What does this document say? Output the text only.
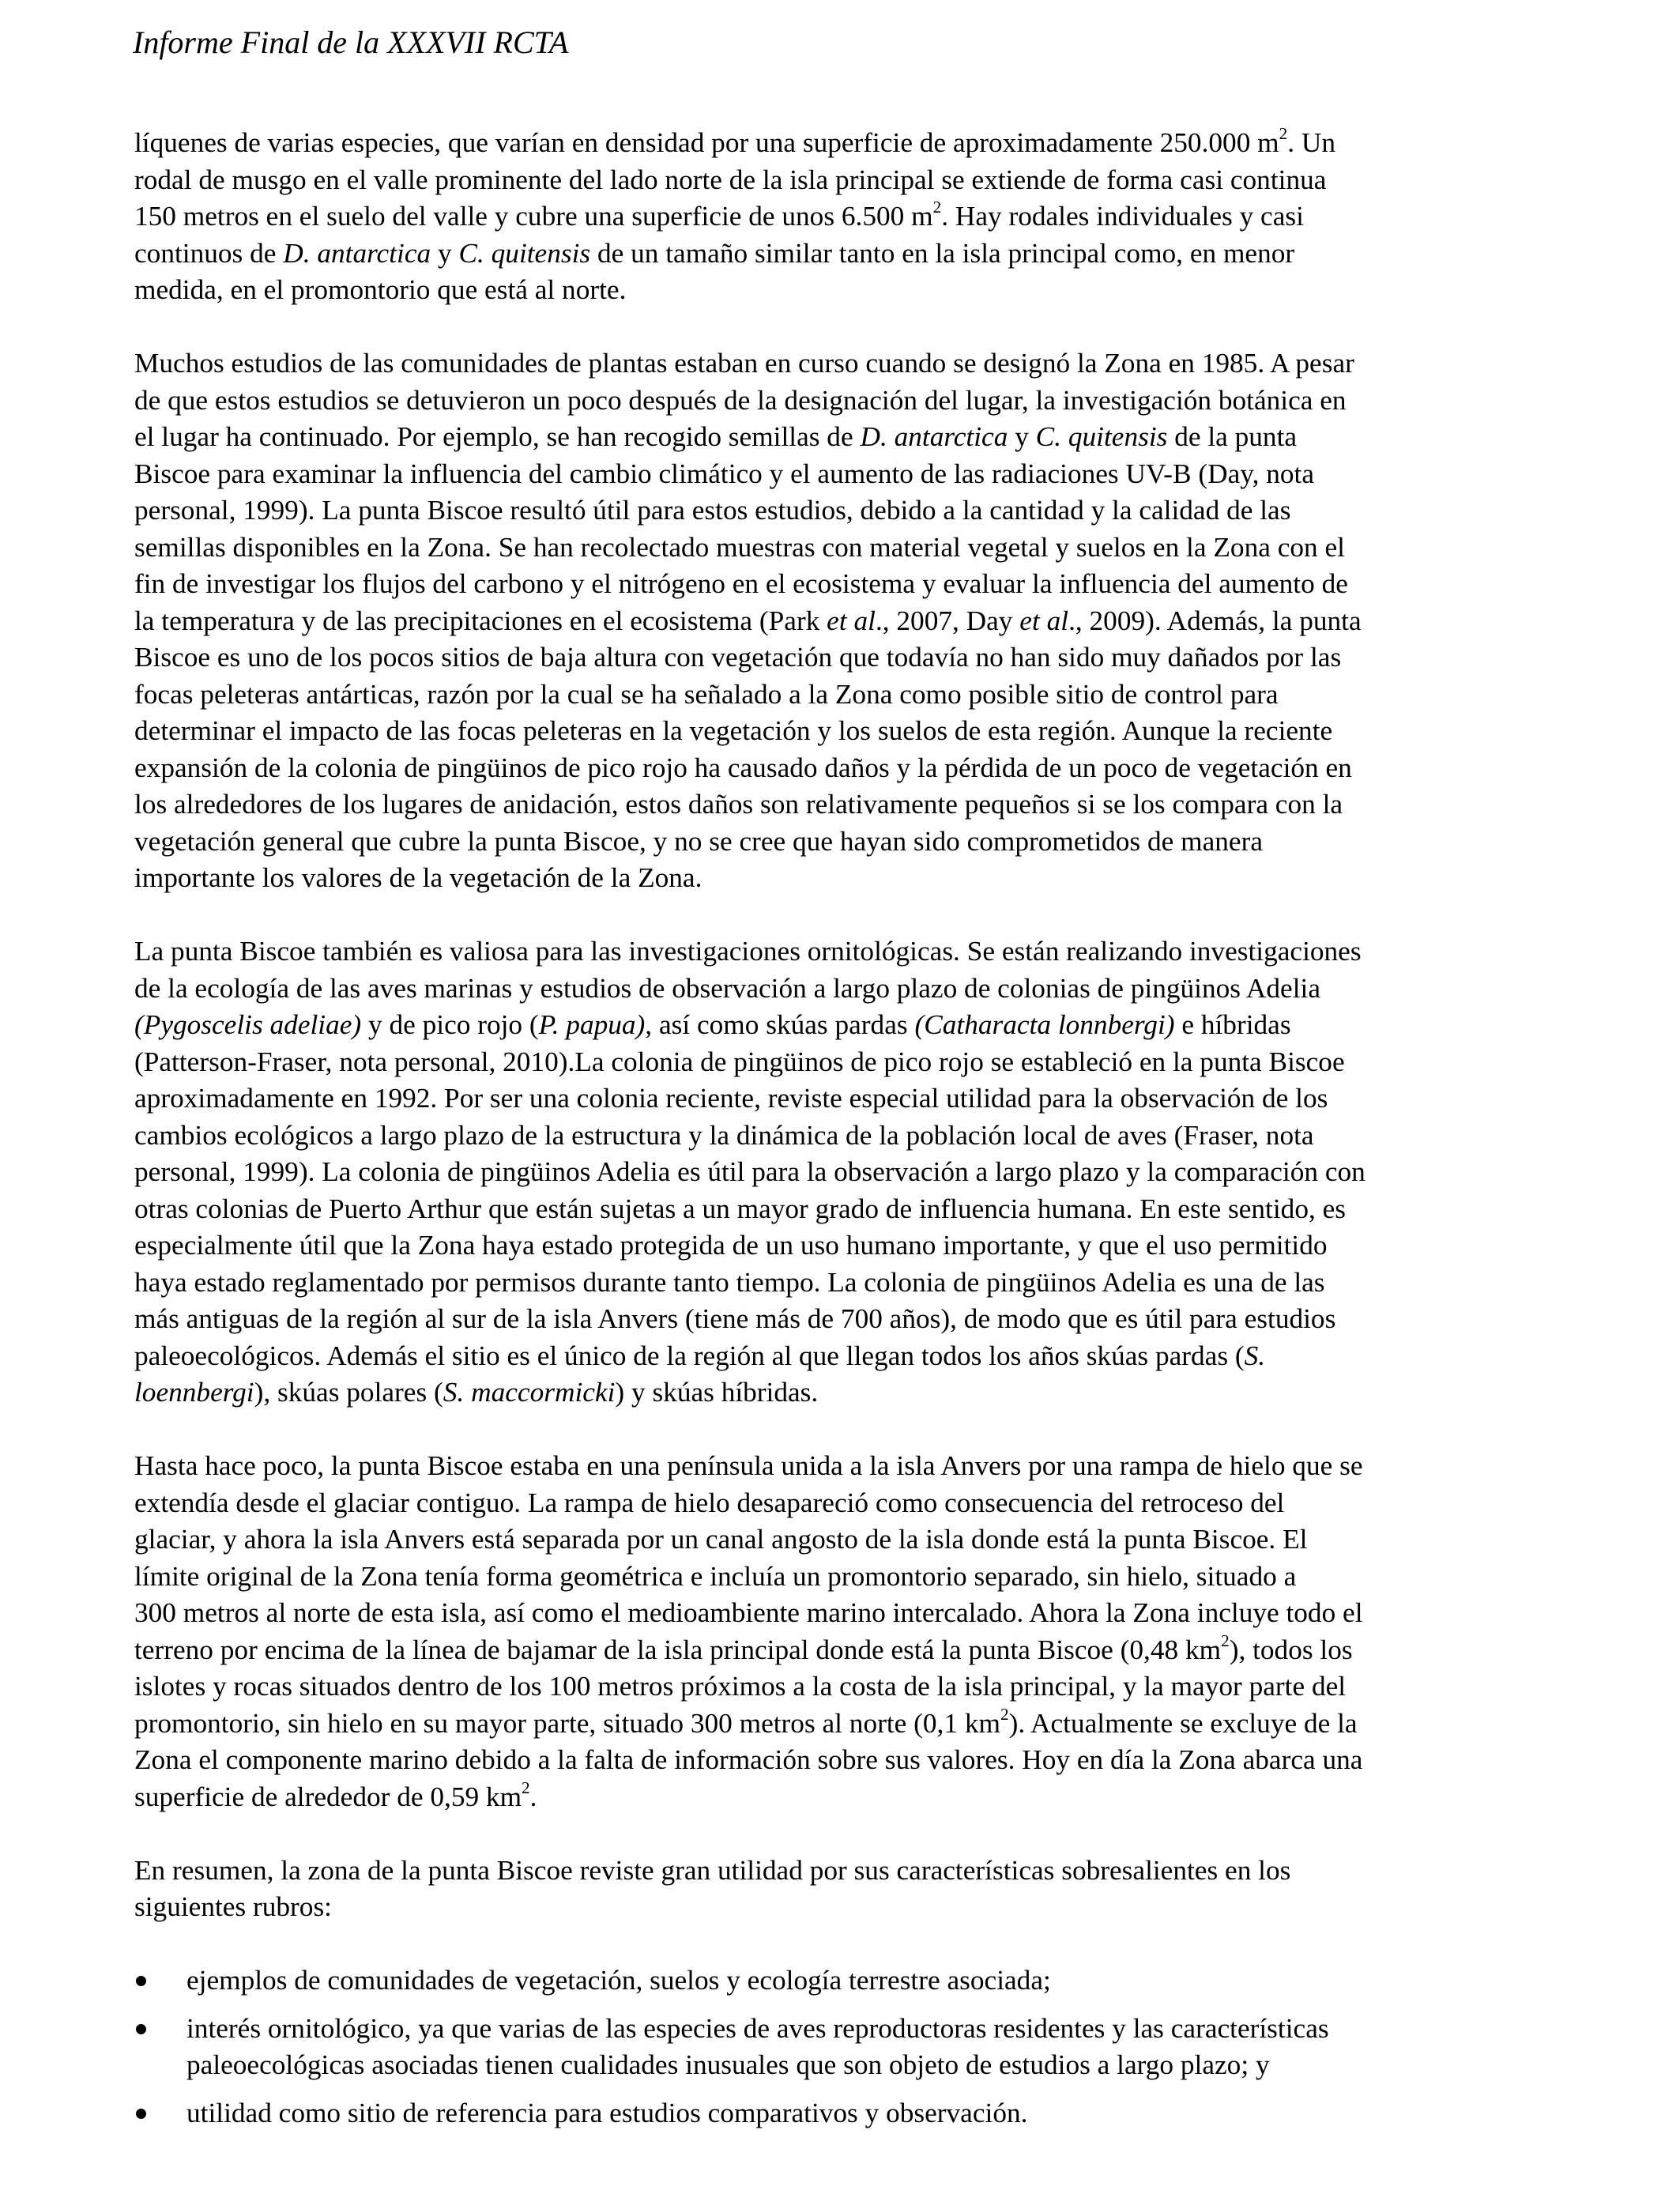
Informe Final de la XXXVII RCTA
líquenes de varias especies, que varían en densidad por una superficie de aproximadamente 250.000 $m^2$. Un
rodal de musgo en el valle prominente del lado norte de la isla principal se extiende de forma casi continua
150 metros en el suelo del valle y cubre una superficie de unos 6.500 $m^2$. Hay rodales individuales y casi
continuos de D. antarctica y C. quitensis de un tamaño similar tanto en la isla principal como, en menor
medida, en el promontorio que está al norte.
Muchos estudios de las comunidades de plantas estaban en curso cuando se designó la Zona en 1985. A pesar
de que estos estudios se detuvieron un poco después de la designación del lugar, la investigación botánica en
el lugar ha continuado. Por ejemplo, se han recogido semillas de D. antarctica y C. quitensis de la punta
Biscoe para examinar la influencia del cambio climático y el aumento de las radiaciones UV-B (Day, nota
personal, 1999). La punta Biscoe resultó útil para estos estudios, debido a la cantidad y la calidad de las
semillas disponibles en la Zona. Se han recolectado muestras con material vegetal y suelos en la Zona con el
fin de investigar los flujos del carbono y el nitrógeno en el ecosistema y evaluar la influencia del aumento de
la temperatura y de las precipitaciones en el ecosistema (Park et al., 2007, Day et al., 2009). Además, la punta
Biscoe es uno de los pocos sitios de baja altura con vegetación que todavía no han sido muy dañados por las
focas peleteras antárticas, razón por la cual se ha señalado a la Zona como posible sitio de control para
determinar el impacto de las focas peleteras en la vegetación y los suelos de esta región. Aunque la reciente
expansión de la colonia de pingüinos de pico rojo ha causado daños y la pérdida de un poco de vegetación en
los alrededores de los lugares de anidación, estos daños son relativamente pequeños si se los compara con la
vegetación general que cubre la punta Biscoe, y no se cree que hayan sido comprometidos de manera
importante los valores de la vegetación de la Zona.
La punta Biscoe también es valiosa para las investigaciones ornitológicas. Se están realizando investigaciones
de la ecología de las aves marinas y estudios de observación a largo plazo de colonias de pingüinos Adelia
(Pygoscelis adeliae) y de pico rojo (P. papua), así como skúas pardas (Catharacta lonnbergi) e híbridas
(Patterson-Fraser, nota personal, 2010).La colonia de pingüinos de pico rojo se estableció en la punta Biscoe
aproximadamente en 1992. Por ser una colonia reciente, reviste especial utilidad para la observación de los
cambios ecológicos a largo plazo de la estructura y la dinámica de la población local de aves (Fraser, nota
personal, 1999). La colonia de pingüinos Adelia es útil para la observación a largo plazo y la comparación con
otras colonias de Puerto Arthur que están sujetas a un mayor grado de influencia humana. En este sentido, es
especialmente útil que la Zona haya estado protegida de un uso humano importante, y que el uso permitido
haya estado reglamentado por permisos durante tanto tiempo. La colonia de pingüinos Adelia es una de las
más antiguas de la región al sur de la isla Anvers (tiene más de 700 años), de modo que es útil para estudios
paleoecológicos. Además el sitio es el único de la región al que llegan todos los años skúas pardas (S.
loennbergi), skúas polares (S. maccormicki) y skúas híbridas.
Hasta hace poco, la punta Biscoe estaba en una península unida a la isla Anvers por una rampa de hielo que se
extendía desde el glaciar contiguo. La rampa de hielo desapareció como consecuencia del retroceso del
glaciar, y ahora la isla Anvers está separada por un canal angosto de la isla donde está la punta Biscoe. El
límite original de la Zona tenía forma geométrica e incluía un promontorio separado, sin hielo, situado a
300 metros al norte de esta isla, así como el medioambiente marino intercalado. Ahora la Zona incluye todo el
terreno por encima de la línea de bajamar de la isla principal donde está la punta Biscoe (0,48 $km^2$), todos los
islotes y rocas situados dentro de los 100 metros próximos a la costa de la isla principal, y la mayor parte del
promontorio, sin hielo en su mayor parte, situado 300 metros al norte (0,1 $km^2$). Actualmente se excluye de la
Zona el componente marino debido a la falta de información sobre sus valores. Hoy en día la Zona abarca una
superficie de alrededor de 0,59 $km^2$.
En resumen, la zona de la punta Biscoe reviste gran utilidad por sus características sobresalientes en los
siguientes rubros:
ejemplos de comunidades de vegetación, suelos y ecología terrestre asociada;
interés ornitológico, ya que varias de las especies de aves reproductoras residentes y las características
paleoecológicas asociadas tienen cualidades inusuales que son objeto de estudios a largo plazo; y
utilidad como sitio de referencia para estudios comparativos y observación.
